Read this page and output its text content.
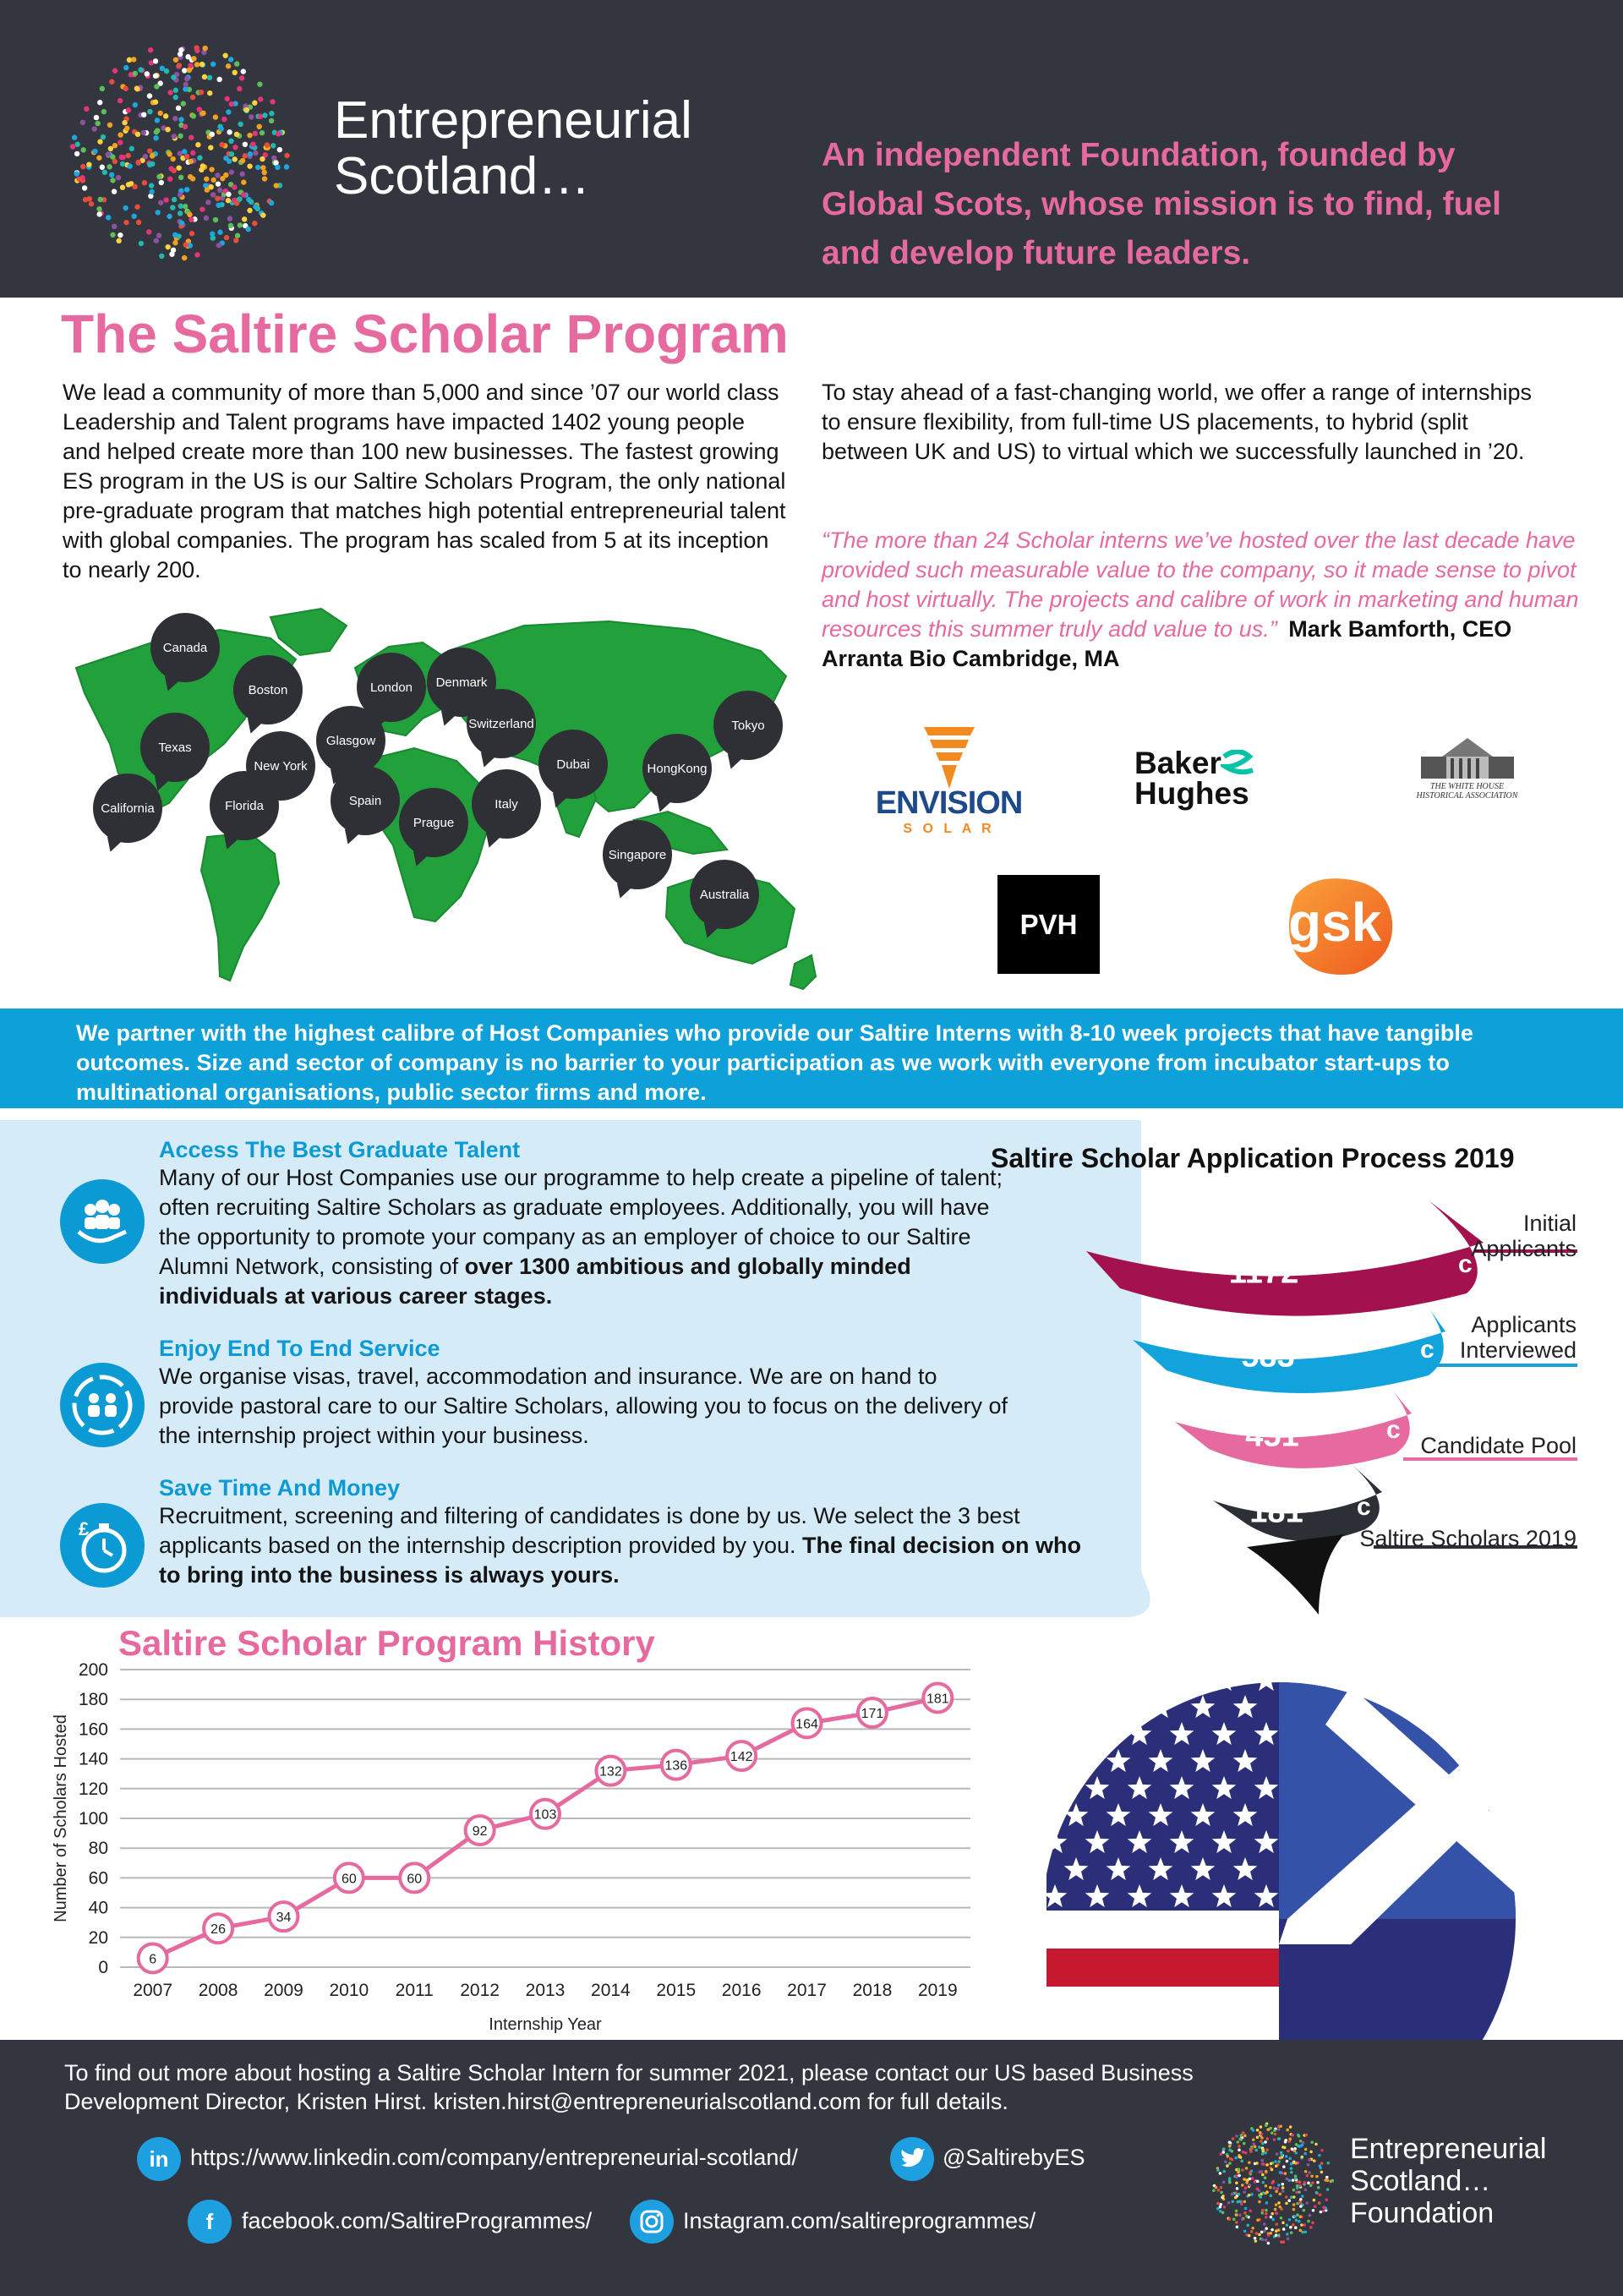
Entrepreneurial
Scotland…	An independent Foundation, founded by Global Scots, whose mission is to find, fuel and develop future leaders.
The Saltire Scholar Program

We lead a community of more than 5,000 and since ’07 our world class Leadership and Talent programs have impacted 1402 young people and helped create more than 100 new businesses. The fastest growing ES program in the US is our Saltire Scholars Program, the only national pre-graduate program that matches high potential entrepreneurial talent with global companies. The program has scaled from 5 at its inception to nearly 200.

To stay ahead of a fast-changing world, we offer a range of internships to ensure flexibility, from full-time US placements, to hybrid (split between UK and US) to virtual which we successfully launched in ’20.

“The more than 24 Scholar interns we’ve hosted over the last decade have provided such measurable value to the company, so it made sense to pivot and host virtually. The projects and calibre of work in marketing and human resources this summer truly add value to us.” Mark Bamforth, CEO Arranta Bio Cambridge, MA

Canada
Boston	London	Denmark
Switzerland	Tokyo
Texas	Glasgow
New York	Dubai	HongKong
California	Florida	Spain
Prague
Italy
Singapore
Australia
ENVISION
S O L A R
Baker
Hughes	THE WHITE HOUSE
HISTORICAL ASSOCIATION
PVH	gsk

We partner with the highest calibre of Host Companies who provide our Saltire Interns with 8-10 week projects that have tangible outcomes. Size and sector of company is no barrier to your participation as we work with everyone from incubator start-ups to multinational organisations, public sector firms and more.

Access The Best Graduate Talent

Many of our Host Companies use our programme to help create a pipeline of talent; often recruiting Saltire Scholars as graduate employees. Additionally, you will have the opportunity to promote your company as an employer of choice to our Saltire Alumni Network, consisting of over 1300 ambitious and globally minded individuals at various career stages.

Enjoy End To End Service

We organise visas, travel, accommodation and insurance. We are on hand to provide pastoral care to our Saltire Scholars, allowing you to focus on the delivery of the internship project within your business.

£
Save Time And Money

Recruitment, screening and filtering of candidates is done by us. We select the 3 best applicants based on the internship description provided by you. The final decision on who to bring into the business is always yours.

Saltire Scholar Application Process 2019
1172	c
583	c
451	c
181 c
Initial
Applicants
Applicants
Interviewed
Candidate Pool
Saltire Scholars 2019
Saltire Scholar Program History
0
20
40
60
80
100
120
140
160
180
200
2007 2008 2009 2010 2011 2012 2013 2014 2015 2016 2017 2018 2019
Internship Year
Number of Scholars Hosted
6
26
34
60	60
92
103
132	136
142
164
171
181

To find out more about hosting a Saltire Scholar Intern for summer 2021, please contact our US based Business Development Director, Kristen Hirst. kristen.hirst@entrepreneurialscotland.com for full details.

in https://www.linkedin.com/company/entrepreneurial-scotland/	@SaltirebyES
f	facebook.com/SaltireProgrammes/	Instagram.com/saltireprogrammes/
Entrepreneurial
Scotland…
Foundation
